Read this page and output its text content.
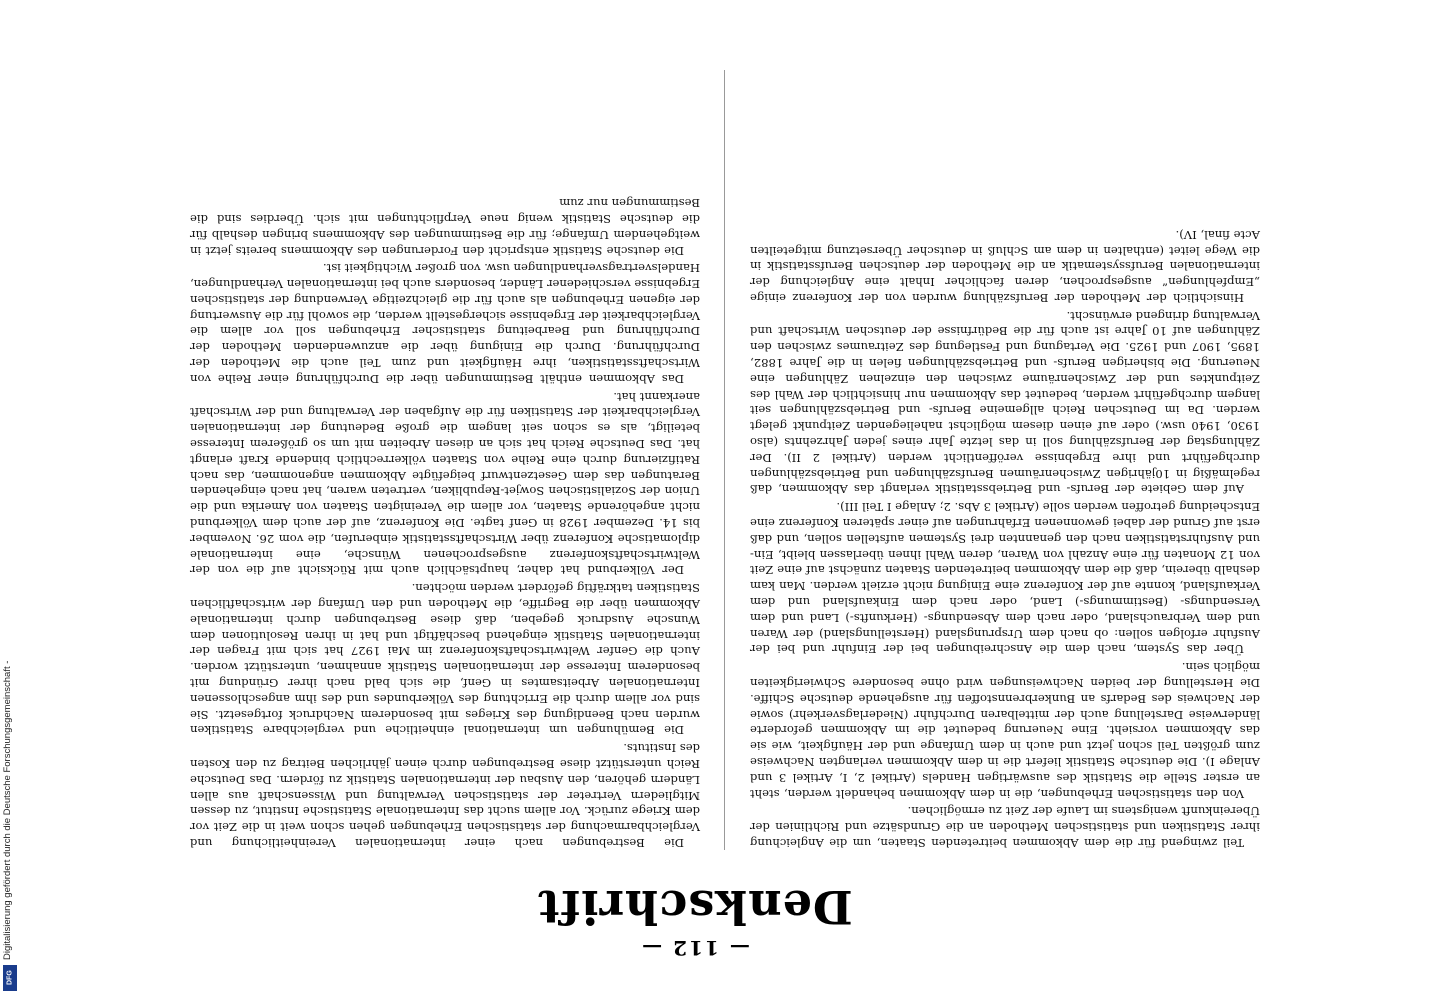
— 112 —
Denkschrift

Teil zwingend für die dem Abkommen beitretenden Staaten, um die Angleichung ihrer Statistiken und statistischen Methoden an die Grundsätze und Richtlinien der Übereinkunft wenigstens im Laufe der Zeit zu ermöglichen.

Von den statistischen Erhebungen, die in dem Abkommen behandelt werden, steht an erster Stelle die Statistik des auswärtigen Handels (Artikel 2, I, Artikel 3 und Anlage I). Die deutsche Statistik liefert die in dem Abkommen verlangten Nachweise zum größten Teil schon jetzt und auch in dem Umfange und der Häufigkeit, wie sie das Abkommen vorsieht. Eine Neuerung bedeutet die im Abkommen geforderte länderweise Darstellung auch der mittelbaren Durchfuhr (Niederlagsverkehr) sowie der Nachweis des Bedarfs an Bunkerbrennstoffen für ausgehende deutsche Schiffe. Die Herstellung der beiden Nachweisungen wird ohne besondere Schwierigkeiten möglich sein.

Über das System, nach dem die Anschreibungen bei der Einfuhr und bei der Ausfuhr erfolgen sollen: ob nach dem Ursprungsland (Herstellungsland) der Waren und dem Verbrauchsland, oder nach dem Absendungs- (Herkunfts-) Land und dem Versendungs- (Bestimmungs-) Land, oder nach dem Einkaufsland und dem Verkaufsland, konnte auf der Konferenz eine Einigung nicht erzielt werden. Man kam deshalb überein, daß die dem Abkommen beitretenden Staaten zunächst auf eine Zeit von 12 Monaten für eine Anzahl von Waren, deren Wahl ihnen überlassen bleibt, Ein- und Ausfuhrstatistiken nach den genannten drei Systemen aufstellen sollen, und daß erst auf Grund der dabei gewonnenen Erfahrungen auf einer späteren Konferenz eine Entscheidung getroffen werden solle (Artikel 3 Abs. 2; Anlage I Teil III).

Auf dem Gebiete der Berufs- und Betriebsstatistik verlangt das Abkommen, daß regelmäßig in 10jährigen Zwischenräumen Berufszählungen und Betriebszählungen durchgeführt und ihre Ergebnisse veröffentlicht werden (Artikel 2 II). Der Zählungstag der Berufszählung soll in das letzte Jahr eines jeden Jahrzehnts (also 1930, 1940 usw.) oder auf einen diesem möglichst naheliegenden Zeitpunkt gelegt werden. Da im Deutschen Reich allgemeine Berufs- und Betriebszählungen seit langem durchgeführt werden, bedeutet das Abkommen nur hinsichtlich der Wahl des Zeitpunktes und der Zwischenräume zwischen den einzelnen Zählungen eine Neuerung. Die bisherigen Berufs- und Betriebszählungen fielen in die Jahre 1882, 1895, 1907 und 1925. Die Vertagung und Festlegung des Zeitraumes zwischen den Zählungen auf 10 Jahre ist auch für die Bedürfnisse der deutschen Wirtschaft und Verwaltung dringend erwünscht.

Hinsichtlich der Methoden der Berufszählung wurden von der Konferenz einige „Empfehlungen“ ausgesprochen, deren fachlicher Inhalt eine Angleichung der internationalen Berufssystematik an die Methoden der deutschen Berufsstatistik in die Wege leitet (enthalten in dem am Schluß in deutscher Übersetzung mitgeteilten Acte final, IV).

Die Bestrebungen nach einer internationalen Vereinheitlichung und Vergleichbarmachung der statistischen Erhebungen gehen schon weit in die Zeit vor dem Kriege zurück. Vor allem sucht das Internationale Statistische Institut, zu dessen Mitgliedern Vertreter der statistischen Verwaltung und Wissenschaft aus allen Ländern gehören, den Ausbau der internationalen Statistik zu fördern. Das Deutsche Reich unterstützt diese Bestrebungen durch einen jährlichen Beitrag zu den Kosten des Instituts.

Die Bemühungen um international einheitliche und vergleichbare Statistiken wurden nach Beendigung des Krieges mit besonderem Nachdruck fortgesetzt. Sie sind vor allem durch die Errichtung des Völkerbundes und des ihm angeschlossenen Internationalen Arbeitsamtes in Genf, die sich bald nach ihrer Gründung mit besonderem Interesse der internationalen Statistik annahmen, unterstützt worden. Auch die Genfer Weltwirtschaftskonferenz im Mai 1927 hat sich mit Fragen der internationalen Statistik eingehend beschäftigt und hat in ihren Resolutionen dem Wunsche Ausdruck gegeben, daß diese Bestrebungen durch internationale Abkommen über die Begriffe, die Methoden und den Umfang der wirtschaftlichen Statistiken tatkräftig gefördert werden möchten.

Der Völkerbund hat daher, hauptsächlich auch mit Rücksicht auf die von der Weltwirtschaftskonferenz ausgesprochenen Wünsche, eine internationale diplomatische Konferenz über Wirtschaftsstatistik einberufen, die vom 26. November bis 14. Dezember 1928 in Genf tagte. Die Konferenz, auf der auch dem Völkerbund nicht angehörende Staaten, vor allem die Vereinigten Staaten von Amerika und die Union der Sozialistischen Sowjet-Republiken, vertreten waren, hat nach eingehenden Beratungen das dem Gesetzentwurf beigefügte Abkommen angenommen, das nach Ratifizierung durch eine Reihe von Staaten völkerrechtlich bindende Kraft erlangt hat. Das Deutsche Reich hat sich an diesen Arbeiten mit um so größerem Interesse beteiligt, als es schon seit langem die große Bedeutung der internationalen Vergleichbarkeit der Statistiken für die Aufgaben der Verwaltung und der Wirtschaft anerkannt hat.

Das Abkommen enthält Bestimmungen über die Durchführung einer Reihe von Wirtschaftsstatistiken, ihre Häufigkeit und zum Teil auch die Methoden der Durchführung. Durch die Einigung über die anzuwendenden Methoden der Durchführung und Bearbeitung statistischer Erhebungen soll vor allem die Vergleichbarkeit der Ergebnisse sichergestellt werden, die sowohl für die Auswertung der eigenen Erhebungen als auch für die gleichzeitige Verwendung der statistischen Ergebnisse verschiedener Länder, besonders auch bei internationalen Verhandlungen, Handelsvertragsverhandlungen usw. von großer Wichtigkeit ist.

Die deutsche Statistik entspricht den Forderungen des Abkommens bereits jetzt in weitgehendem Umfange; für die Bestimmungen des Abkommens bringen deshalb für die deutsche Statistik wenig neue Verpflichtungen mit sich. Überdies sind die Bestimmungen nur zum

Digitalisierung gefördert durch die Deutsche Forschungsgemeinschaft -
DFG
